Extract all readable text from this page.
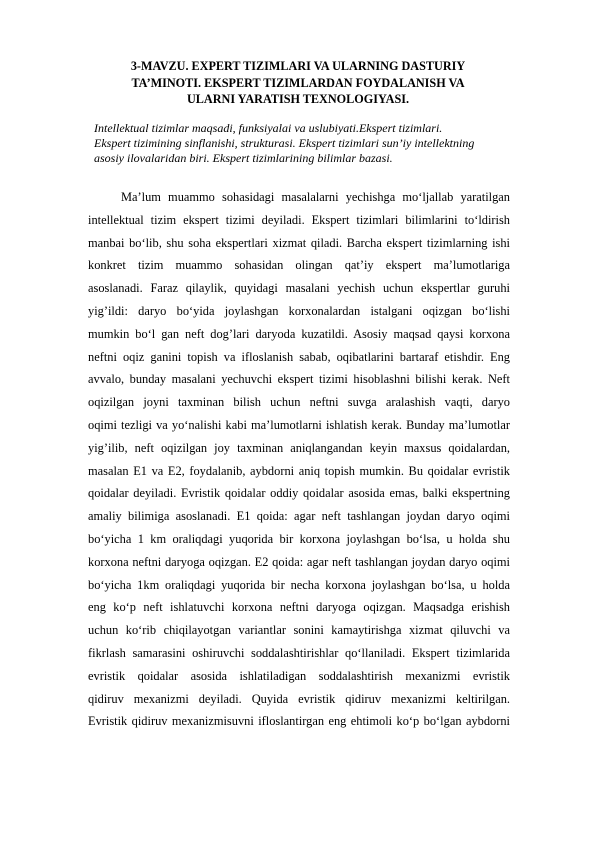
3-MAVZU. EXPERT TIZIMLARI VA ULARNING DASTURIY
TA’MINOTI. EKSPERT TIZIMLARDAN FOYDALANISH VA
ULARNI YARATISH TEXNOLOGIYASI.
Intellektual tizimlar maqsadi, funksiyalai va uslubiyati.Ekspert tizimlari.
Ekspert tizimining sinflanishi, strukturasi. Ekspert tizimlari sun’iy intellektning
asosiy ilovalaridan biri. Ekspert tizimlarining bilimlar bazasi.
Ma’lum muammo sohasidagi masalalarni yechishga mo‘ljallab yaratilgan
intellektual tizim ekspert tizimi deyiladi. Ekspert tizimlari bilimlarini to‘ldirish
manbai bo‘lib, shu soha ekspertlari xizmat qiladi. Barcha ekspert tizimlarning ishi
konkret tizim muammo sohasidan olingan qat’iy ekspert ma’lumotlariga
asoslanadi. Faraz qilaylik, quyidagi masalani yechish uchun ekspertlar guruhi
yig’ildi: daryo bo‘yida joylashgan korxonalardan istalgani oqizgan bo‘lishi
mumkin bo‘l gan neft dog’lari daryoda kuzatildi. Asosiy maqsad qaysi korxona
neftni oqiz ganini topish va ifloslanish sabab, oqibatlarini bartaraf etishdir. Eng
avvalo, bunday masalani yechuvchi ekspert tizimi hisoblashni bilishi kerak. Neft
oqizilgan joyni taxminan bilish uchun neftni suvga aralashish vaqti, daryo
oqimi tezligi va yo‘nalishi kabi ma’lumotlarni ishlatish kerak. Bunday ma’lumotlar
yig’ilib, neft oqizilgan joy taxminan aniqlangandan keyin maxsus qoidalardan,
masalan E1 va E2, foydalanib, aybdorni aniq topish mumkin. Bu qoidalar evristik
qoidalar deyiladi. Evristik qoidalar oddiy qoidalar asosida emas, balki ekspertning
amaliy bilimiga asoslanadi. E1 qoida: agar neft tashlangan joydan daryo oqimi
bo‘yicha 1 km oraliqdagi yuqorida bir korxona joylashgan bo‘lsa, u holda shu
korxona neftni daryoga oqizgan. E2 qoida: agar neft tashlangan joydan daryo oqimi
bo‘yicha 1km oraliqdagi yuqorida bir necha korxona joylashgan bo‘lsa, u holda
eng ko‘p neft ishlatuvchi korxona neftni daryoga oqizgan. Maqsadga erishish
uchun ko‘rib chiqilayotgan variantlar sonini kamaytirishga xizmat qiluvchi va
fikrlash samarasini oshiruvchi soddalashtirishlar qo‘llaniladi. Ekspert tizimlarida
evristik qoidalar asosida ishlatiladigan soddalashtirish mexanizmi evristik
qidiruv mexanizmi deyiladi. Quyida evristik qidiruv mexanizmi keltirilgan.
Evristik qidiruv mexanizmisuvni ifloslantirgan eng ehtimoli ko‘p bo‘lgan aybdorni
